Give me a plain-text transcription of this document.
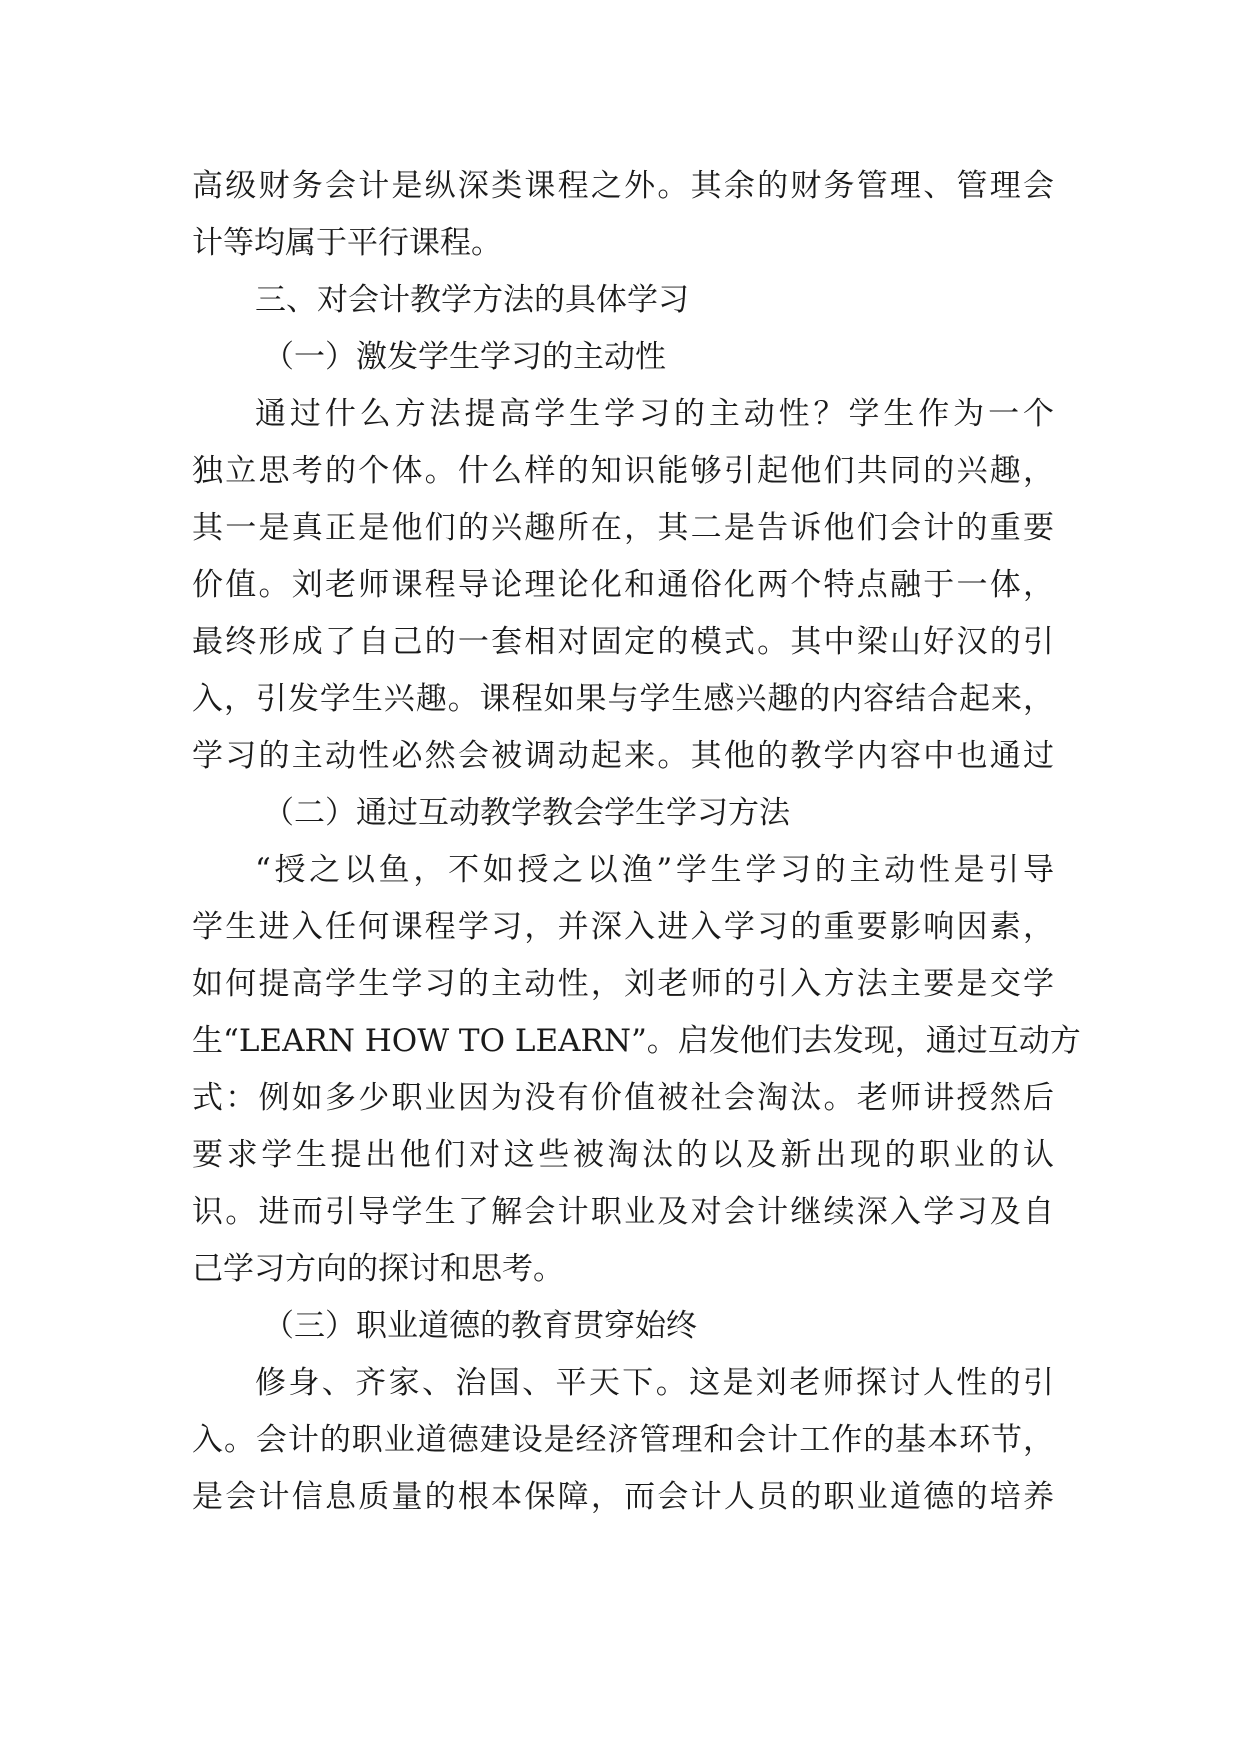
高级财务会计是纵深类课程之外。其余的财务管理、管理会
计等均属于平行课程。
三、对会计教学方法的具体学习
（一）激发学生学习的主动性
通过什么方法提高学生学习的主动性？学生作为一个
独立思考的个体。什么样的知识能够引起他们共同的兴趣，
其一是真正是他们的兴趣所在，其二是告诉他们会计的重要
价值。刘老师课程导论理论化和通俗化两个特点融于一体，
最终形成了自己的一套相对固定的模式。其中梁山好汉的引
入，引发学生兴趣。课程如果与学生感兴趣的内容结合起来，
学习的主动性必然会被调动起来。其他的教学内容中也通过
（二）通过互动教学教会学生学习方法
“授之以鱼，不如授之以渔”学生学习的主动性是引导
学生进入任何课程学习，并深入进入学习的重要影响因素，
如何提高学生学习的主动性，刘老师的引入方法主要是交学
生“LEARN HOW TO LEARN”。启发他们去发现，通过互动方
式：例如多少职业因为没有价值被社会淘汰。老师讲授然后
要求学生提出他们对这些被淘汰的以及新出现的职业的认
识。进而引导学生了解会计职业及对会计继续深入学习及自
己学习方向的探讨和思考。
（三）职业道德的教育贯穿始终
修身、齐家、治国、平天下。这是刘老师探讨人性的引
入。会计的职业道德建设是经济管理和会计工作的基本环节，
是会计信息质量的根本保障，而会计人员的职业道德的培养
